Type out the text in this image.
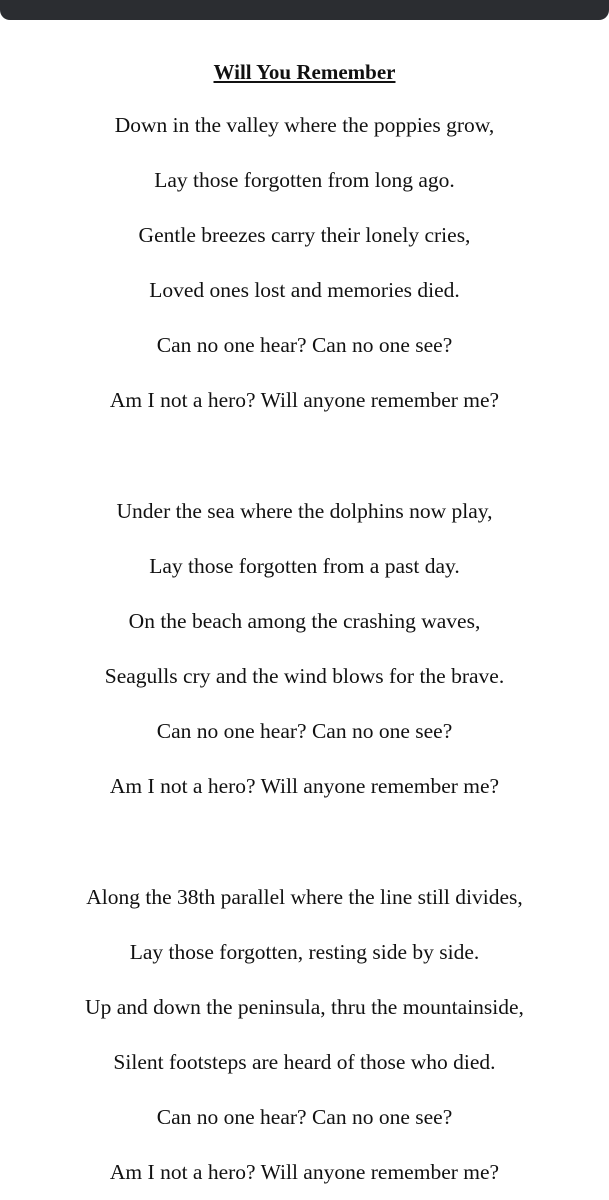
Will You Remember
Down in the valley where the poppies grow,
Lay those forgotten from long ago.
Gentle breezes carry their lonely cries,
Loved ones lost and memories died.
Can no one hear? Can no one see?
Am I not a hero? Will anyone remember me?
Under the sea where the dolphins now play,
Lay those forgotten from a past day.
On the beach among the crashing waves,
Seagulls cry and the wind blows for the brave.
Can no one hear? Can no one see?
Am I not a hero? Will anyone remember me?
Along the 38th parallel where the line still divides,
Lay those forgotten, resting side by side.
Up and down the peninsula, thru the mountainside,
Silent footsteps are heard of those who died.
Can no one hear? Can no one see?
Am I not a hero? Will anyone remember me?
